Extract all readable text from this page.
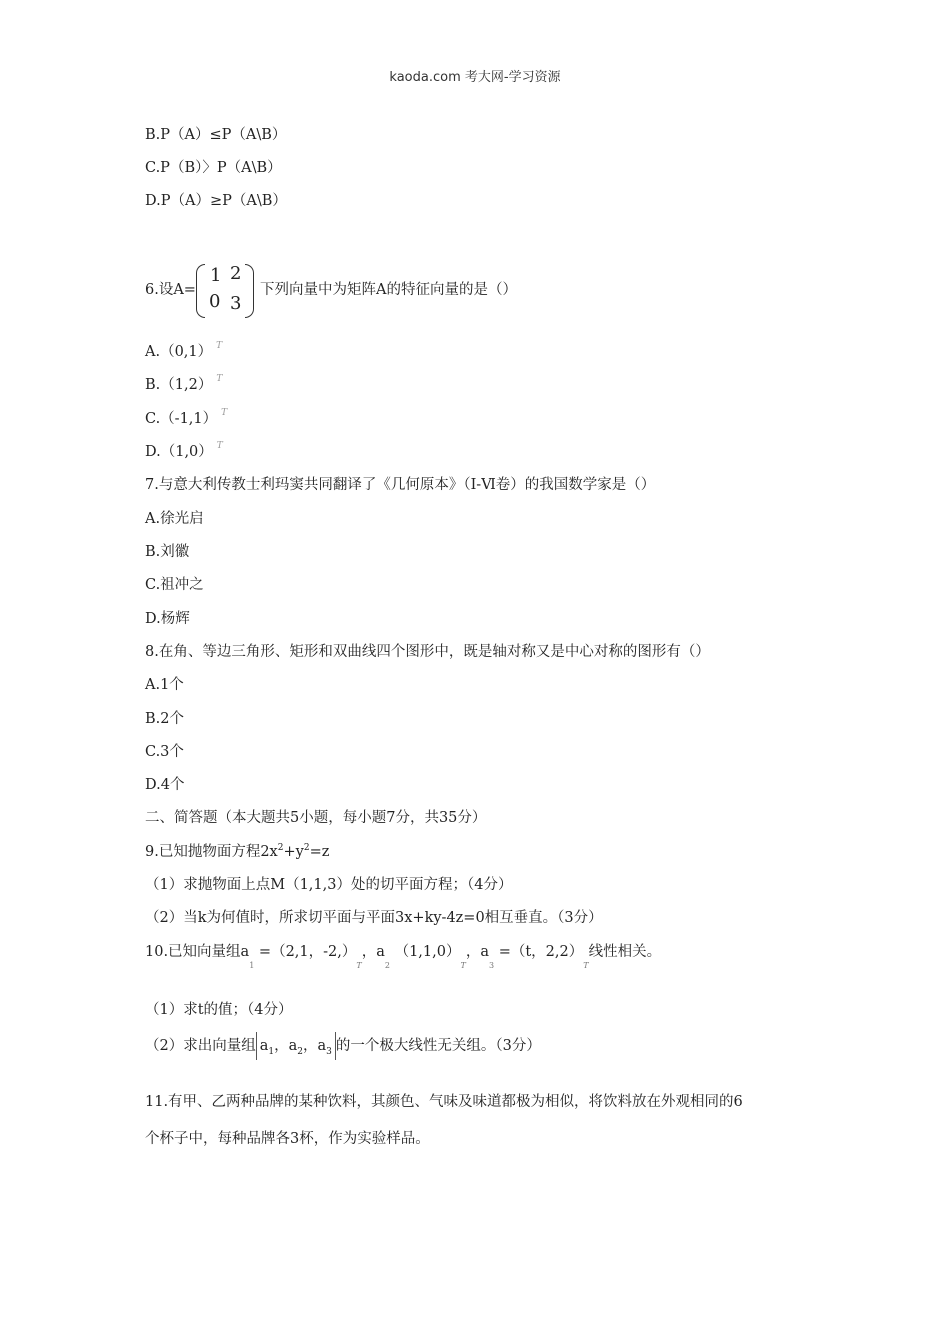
kaoda.com 考大网-学习资源
B.P（A）≤P（A\B）
C.P（B）〉P（A\B）
D.P（A）≥P（A\B）
6.设A=
1 2
0 3
下列向量中为矩阵A的特征向量的是（）
A.（0,1） $^T$
B.（1,2） $^T$
C.（-1,1） $^T$
D.（1,0） $^T$
7.与意大利传教士利玛窦共同翻译了《几何原本》（Ⅰ-Ⅵ卷）的我国数学家是（）
A.徐光启
B.刘徽
C.祖冲之
D.杨辉
8.在角、等边三角形、矩形和双曲线四个图形中，既是轴对称又是中心对称的图形有（）
A.1个
B.2个
C.3个
D.4个
二、简答题（本大题共5小题，每小题7分，共35分）
9.已知抛物面方程$2x^2+y^2=z$
（1）求抛物面上点M（1,1,3）处的切平面方程；（4分）
（2）当k为何值时，所求切平面与平面3x+ky-4z=0相互垂直。（3分）
10.已知向量组$a_1 =(2,1$，$-2,)_T$，$a_2$ $(1,1,0)_T$，$a_3 =(t$，$2,2)_T$线性相关。
（1）求t的值；（4分）
（2）求出向量组 $a_1$，$a_2$，$a_3$ 的一个极大线性无关组。（3分）
11.有甲、乙两种品牌的某种饮料，其颜色、气味及味道都极为相似，将饮料放在外观相同的6
个杯子中，每种品牌各3杯，作为实验样品。
